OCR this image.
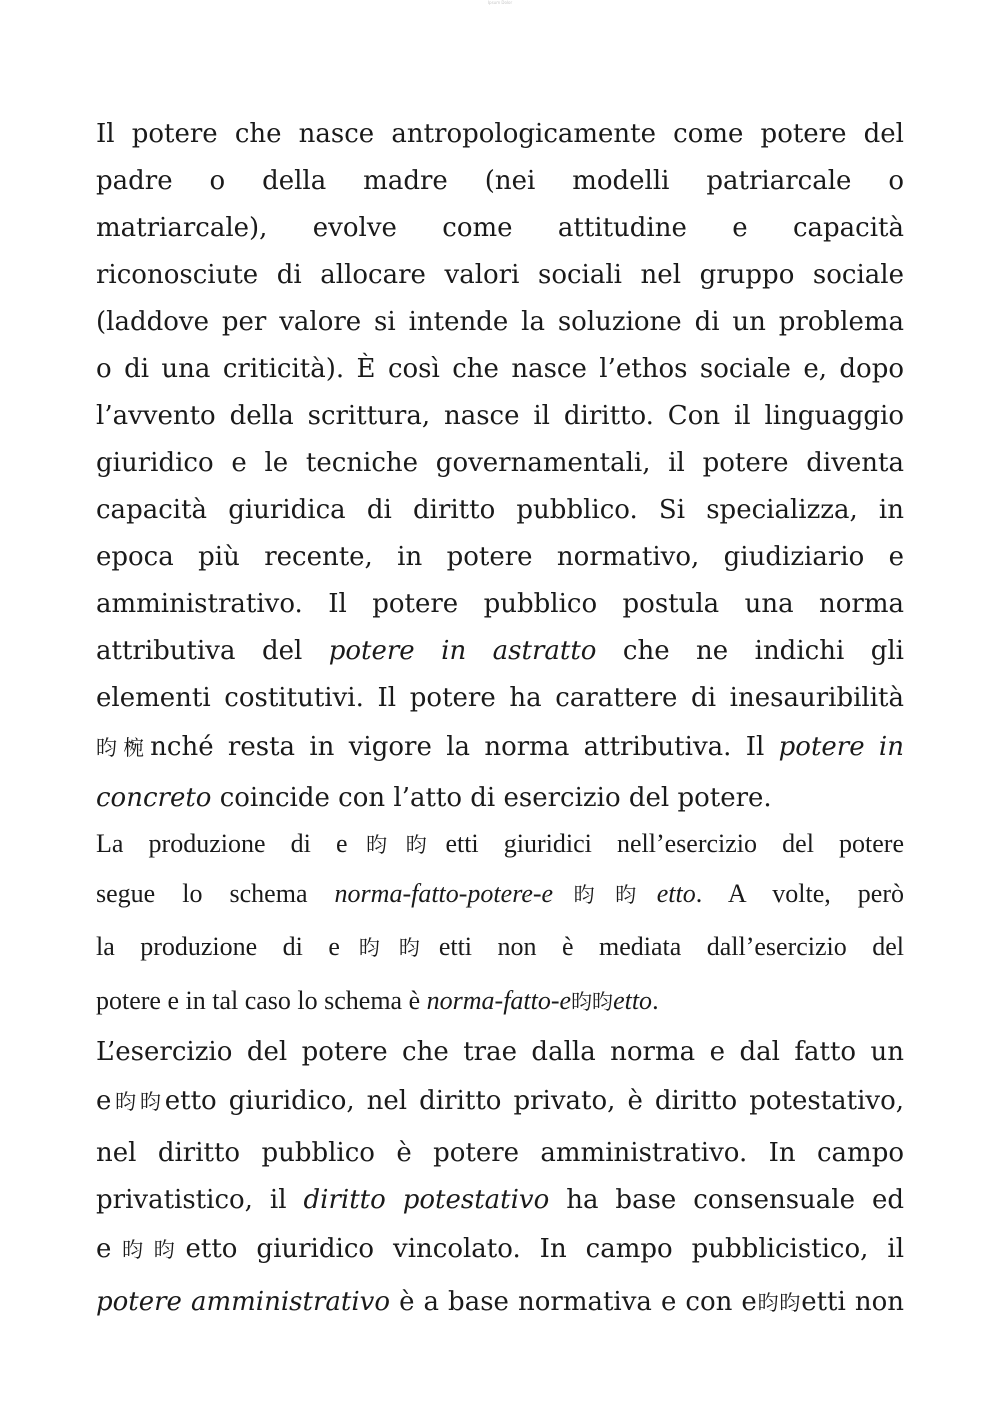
Ipsum Dolor
Il potere che nasce antropologicamente come potere del
padre o della madre (nei modelli patriarcale o
matriarcale), evolve come attitudine e capacità
riconosciute di allocare valori sociali nel gruppo sociale
(laddove per valore si intende la soluzione di un problema
o di una criticità). È così che nasce l’ethos sociale e, dopo
l’avvento della scrittura, nasce il diritto. Con il linguaggio
giuridico e le tecniche governamentali, il potere diventa
capacità giuridica di diritto pubblico. Si specializza, in
epoca più recente, in potere normativo, giudiziario e
amministrativo. Il potere pubblico postula una norma
attributiva del potere in astratto che ne indichi gli
elementi costitutivi. Il potere ha carattere di inesauribilità
昀椀nché resta in vigore la norma attributiva. Il potere in
concreto coincide con l’atto di esercizio del potere.
La produzione di e昀昀etti giuridici nell’esercizio del potere
segue lo schema norma-fatto-potere-e昀昀etto. A volte, però
la produzione di e昀昀etti non è mediata dall’esercizio del
potere e in tal caso lo schema è norma-fatto-e昀昀etto.
L’esercizio del potere che trae dalla norma e dal fatto un
e昀昀etto giuridico, nel diritto privato, è diritto potestativo,
nel diritto pubblico è potere amministrativo. In campo
privatistico, il diritto potestativo ha base consensuale ed
e昀昀etto giuridico vincolato. In campo pubblicistico, il
potere amministrativo è a base normativa e con e昀昀etti non
